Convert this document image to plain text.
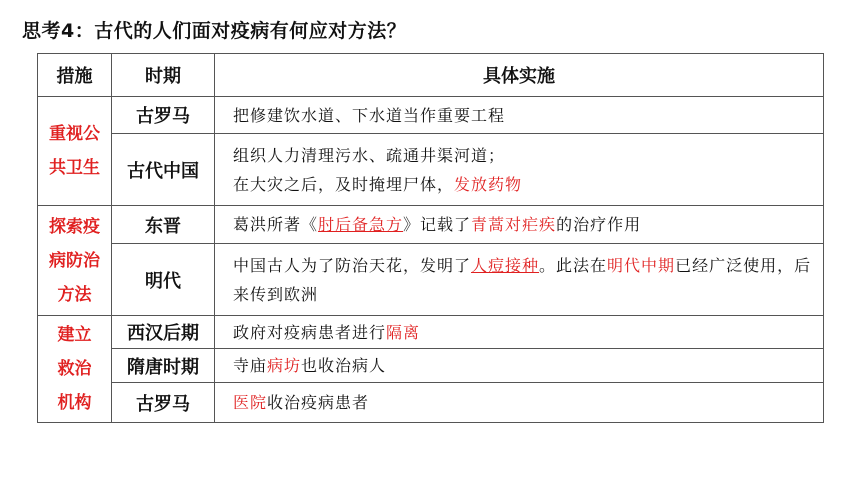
思考4：古代的人们面对疫病有何应对方法？
措施	时期	具体实施

重视公
共卫生	古罗马	把修建饮水道、下水道当作重要工程
	古代中国	组织人力清理污水、疏通井渠河道；
在大灾之后，及时掩埋尸体，发放药物

探索疫
病防治
方法	东晋	葛洪所著《肘后备急方》记载了青蒿对疟疾的治疗作用
	明代	中国古人为了防治天花，发明了人痘接种。此法在明代中期已经广泛使用，后来传到欧洲

建立
救治
机构	西汉后期	政府对疫病患者进行隔离
	隋唐时期	寺庙病坊也收治病人
	古罗马	医院收治疫病患者
